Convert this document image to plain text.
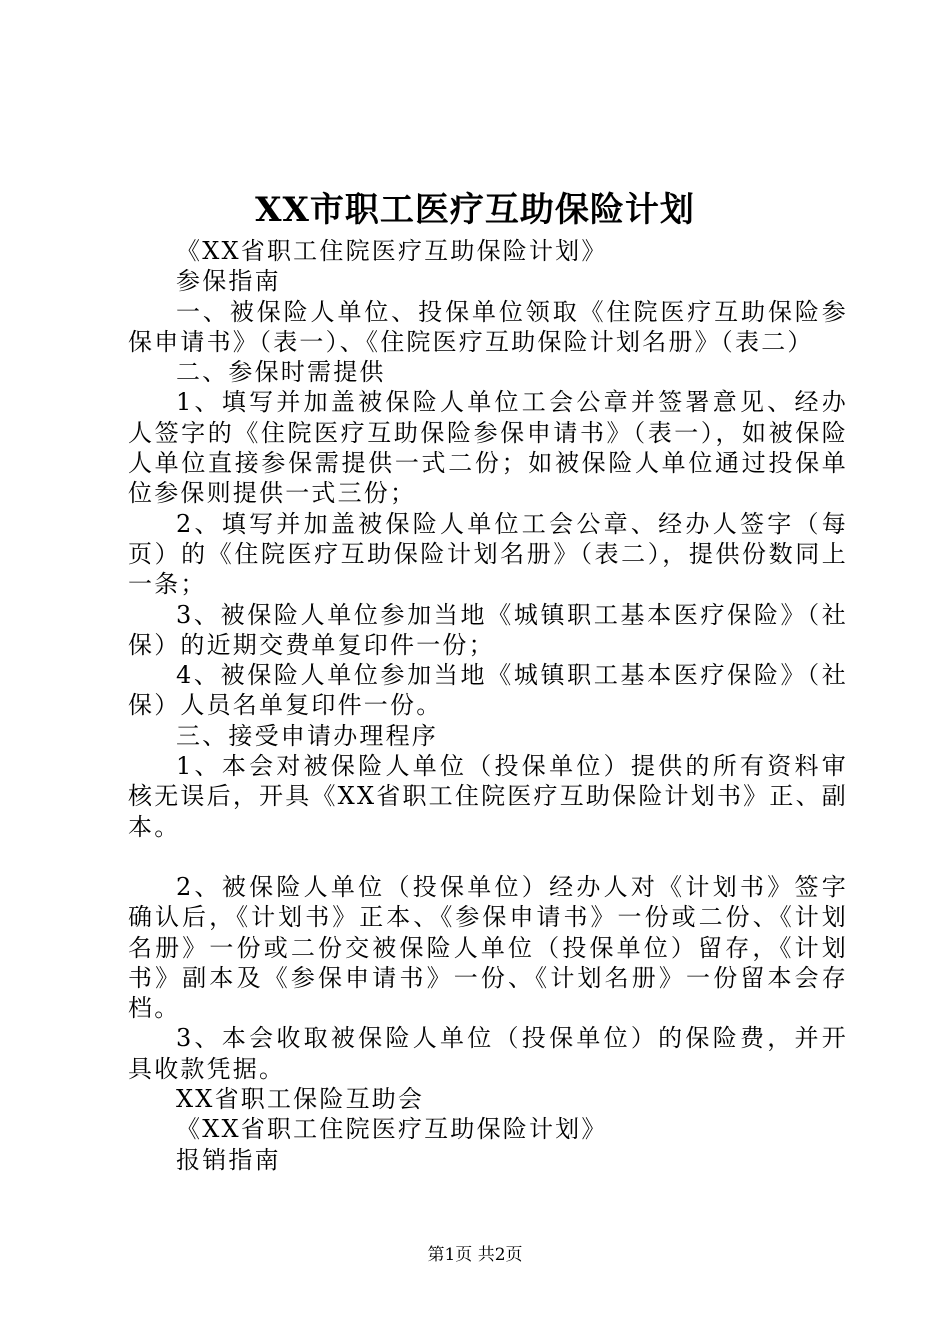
XX市职工医疗互助保险计划

《XX省职工住院医疗互助保险计划》

参保指南

一、被保险人单位、投保单位领取《住院医疗互助保险参保申请书》（表一）、《住院医疗互助保险计划名册》（表二）

二、参保时需提供

1、填写并加盖被保险人单位工会公章并签署意见、经办人签字的《住院医疗互助保险参保申请书》（表一），如被保险人单位直接参保需提供一式二份；如被保险人单位通过投保单位参保则提供一式三份；

2、填写并加盖被保险人单位工会公章、经办人签字（每页）的《住院医疗互助保险计划名册》（表二），提供份数同上一条；

3、被保险人单位参加当地《城镇职工基本医疗保险》（社保）的近期交费单复印件一份；

4、被保险人单位参加当地《城镇职工基本医疗保险》（社保）人员名单复印件一份。

三、接受申请办理程序

1、本会对被保险人单位（投保单位）提供的所有资料审核无误后，开具《XX省职工住院医疗互助保险计划书》正、副本。

2、被保险人单位（投保单位）经办人对《计划书》签字确认后，《计划书》正本、《参保申请书》一份或二份、《计划名册》一份或二份交被保险人单位（投保单位）留存，《计划书》副本及《参保申请书》一份、《计划名册》一份留本会存档。

3、本会收取被保险人单位（投保单位）的保险费，并开具收款凭据。

XX省职工保险互助会

《XX省职工住院医疗互助保险计划》

报销指南

第1页 共2页
